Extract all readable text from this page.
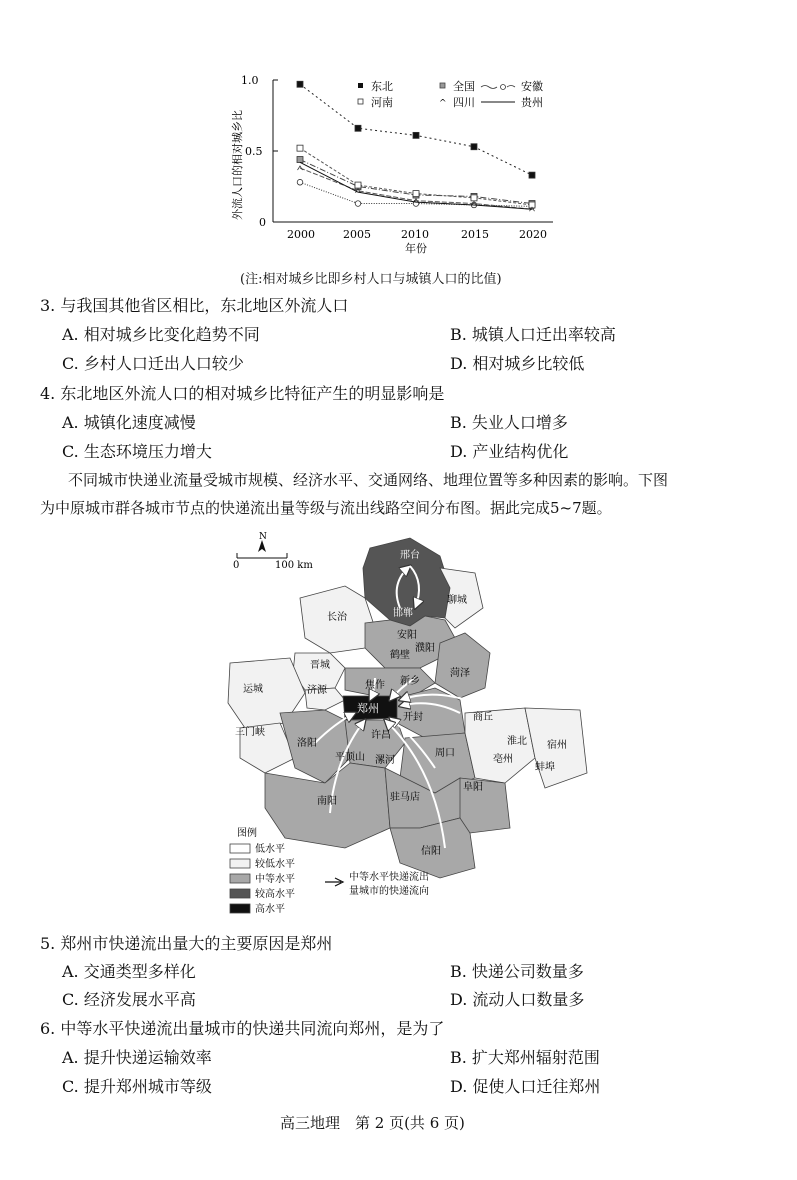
1.0
0.5
0
2000	2005	2010	2015	2020
年份
外流人口的相对城乡比
东北	全国	安徽
河南	^ 四川	贵州
(注:相对城乡比即乡村人口与城镇人口的比值)
3. 与我国其他省区相比，东北地区外流人口
A. 相对城乡比变化趋势不同	B. 城镇人口迁出率较高
C. 乡村人口迁出人口较少	D. 相对城乡比较低
4. 东北地区外流人口的相对城乡比特征产生的明显影响是
A. 城镇化速度减慢	B. 失业人口增多
C. 生态环境压力增大	D. 产业结构优化
不同城市快递业流量受城市规模、经济水平、交通网络、地理位置等多种因素的影响。下图
为中原城市群各城市节点的快递流出量等级与流出线路空间分布图。据此完成5~7题。
0	100 km
N
邢台
邯郸
聊城
长治
安阳
鹤壁
濮阳
晋城
菏泽
新乡
焦作
济源
运城
郑州
开封	商丘
三门峡
洛阳
许昌
平顶山 漯河
周口
淮北 宿州
亳州
蚌埠
阜阳
南阳	驻马店
信阳
图例
低水平
较低水平
中等水平
较高水平
高水平
中等水平快递流出
量城市的快递流向
5. 郑州市快递流出量大的主要原因是郑州
A. 交通类型多样化	B. 快递公司数量多
C. 经济发展水平高	D. 流动人口数量多
6. 中等水平快递流出量城市的快递共同流向郑州，是为了
A. 提升快递运输效率	B. 扩大郑州辐射范围
C. 提升郑州城市等级	D. 促使人口迁往郑州
高三地理　第 2 页(共 6 页)
